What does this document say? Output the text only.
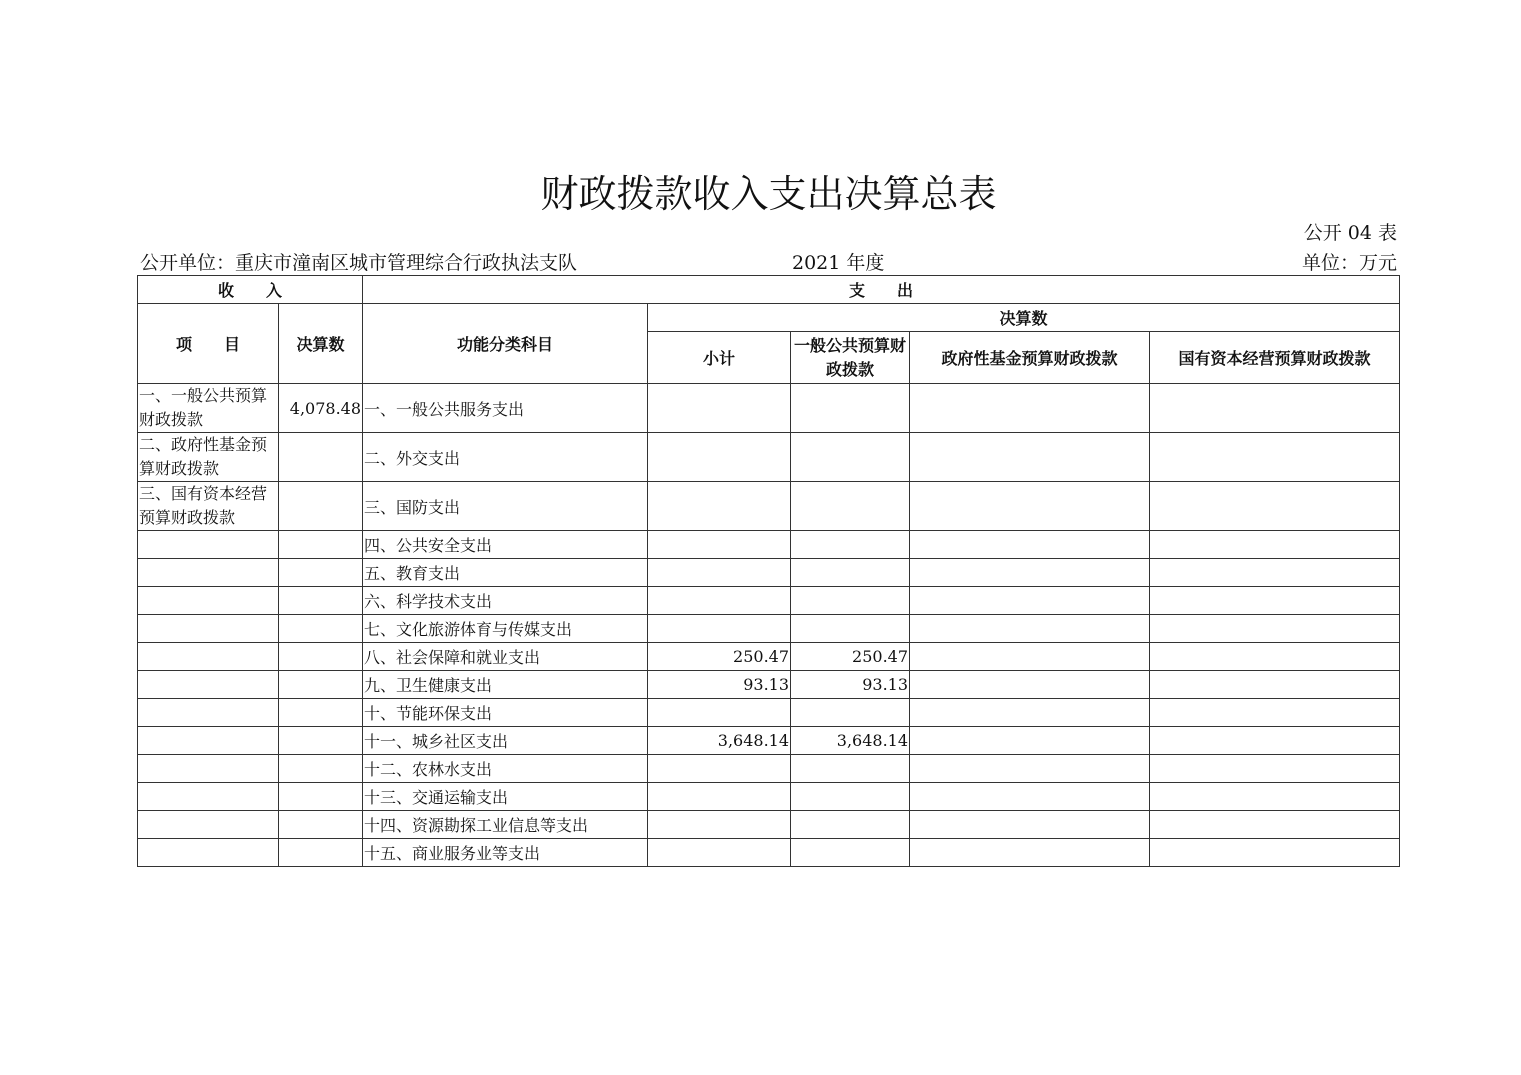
财政拨款收入支出决算总表
公开 04 表
公开单位：重庆市潼南区城市管理综合行政执法支队	2021 年度	单位：万元
收　　入		支　　出				
项　　目	决算数	功能分类科目	决算数			
			小计	一般公共预算财政拨款	政府性基金预算财政拨款	国有资本经营预算财政拨款
一、一般公共预算财政拨款	4,078.48	一、一般公共服务支出				
二、政府性基金预算财政拨款		二、外交支出				
三、国有资本经营预算财政拨款		三、国防支出				
		四、公共安全支出				
		五、教育支出				
		六、科学技术支出				
		七、文化旅游体育与传媒支出				
		八、社会保障和就业支出	250.47	250.47		
		九、卫生健康支出	93.13	93.13		
		十、节能环保支出				
		十一、城乡社区支出	3,648.14	3,648.14		
		十二、农林水支出				
		十三、交通运输支出				
		十四、资源勘探工业信息等支出				
		十五、商业服务业等支出				
